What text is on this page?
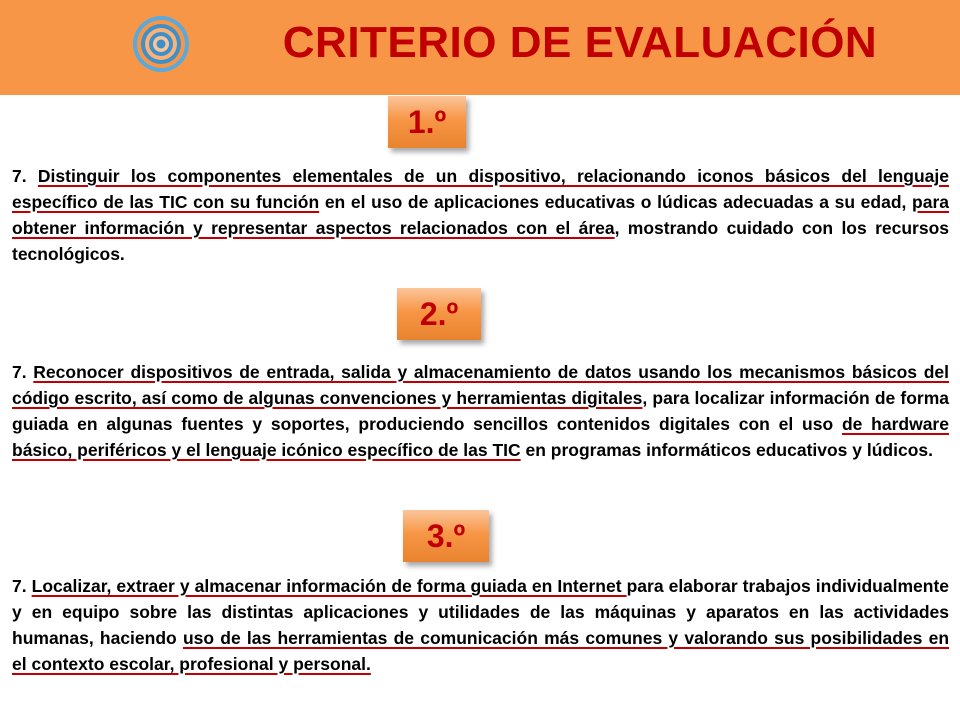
CRITERIO DE EVALUACIÓN
1.º

7. Distinguir los componentes elementales de un dispositivo, relacionando iconos básicos del lenguaje específico de las TIC con su función en el uso de aplicaciones educativas o lúdicas adecuadas a su edad, para obtener información y representar aspectos relacionados con el área, mostrando cuidado con los recursos tecnológicos.

2.º

7. Reconocer dispositivos de entrada, salida y almacenamiento de datos usando los mecanismos básicos del código escrito, así como de algunas convenciones y herramientas digitales, para localizar información de forma guiada en algunas fuentes y soportes, produciendo sencillos contenidos digitales con el uso de hardware básico, periféricos y el lenguaje icónico específico de las TIC en programas informáticos educativos y lúdicos.

3.º

7. Localizar, extraer y almacenar información de forma guiada en Internet para elaborar trabajos individualmente y en equipo sobre las distintas aplicaciones y utilidades de las máquinas y aparatos en las actividades humanas, haciendo uso de las herramientas de comunicación más comunes y valorando sus posibilidades en el contexto escolar, profesional y personal.
